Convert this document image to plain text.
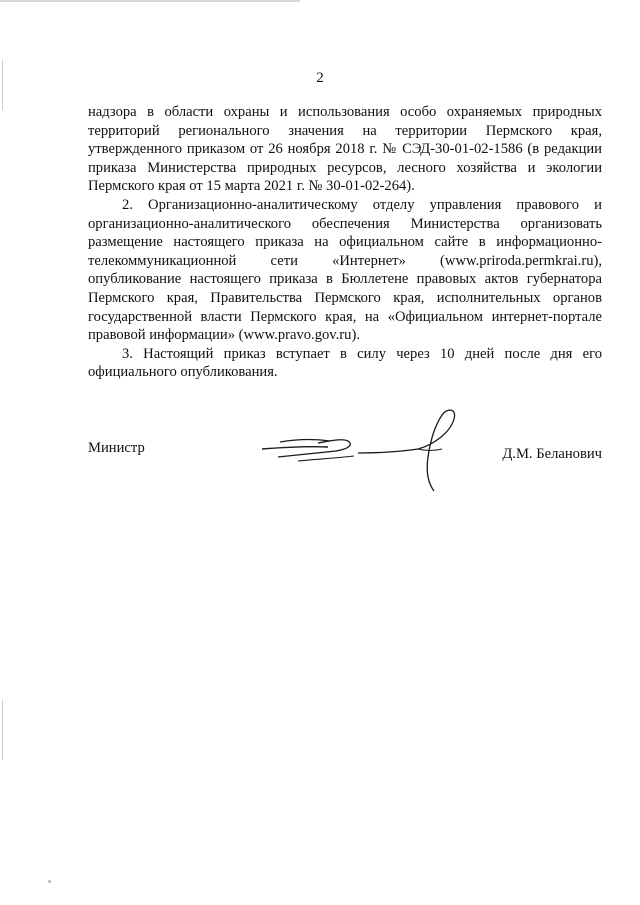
2

надзора в области охраны и использования особо охраняемых природных территорий регионального значения на территории Пермского края, утвержденного приказом от 26 ноября 2018 г. № СЭД-30-01-02-1586 (в редакции приказа Министерства природных ресурсов, лесного хозяйства и экологии Пермского края от 15 марта 2021 г. № 30-01-02-264).

2. Организационно-аналитическому отделу управления правового и организационно-аналитического обеспечения Министерства организовать размещение настоящего приказа на официальном сайте в информационно-телекоммуникационной сети «Интернет» (www.priroda.permkrai.ru), опубликование настоящего приказа в Бюллетене правовых актов губернатора Пермского края, Правительства Пермского края, исполнительных органов государственной власти Пермского края, на «Официальном интернет-портале правовой информации» (www.pravo.gov.ru).

3. Настоящий приказ вступает в силу через 10 дней после дня его официального опубликования.

Министр	Д.М. Беланович
